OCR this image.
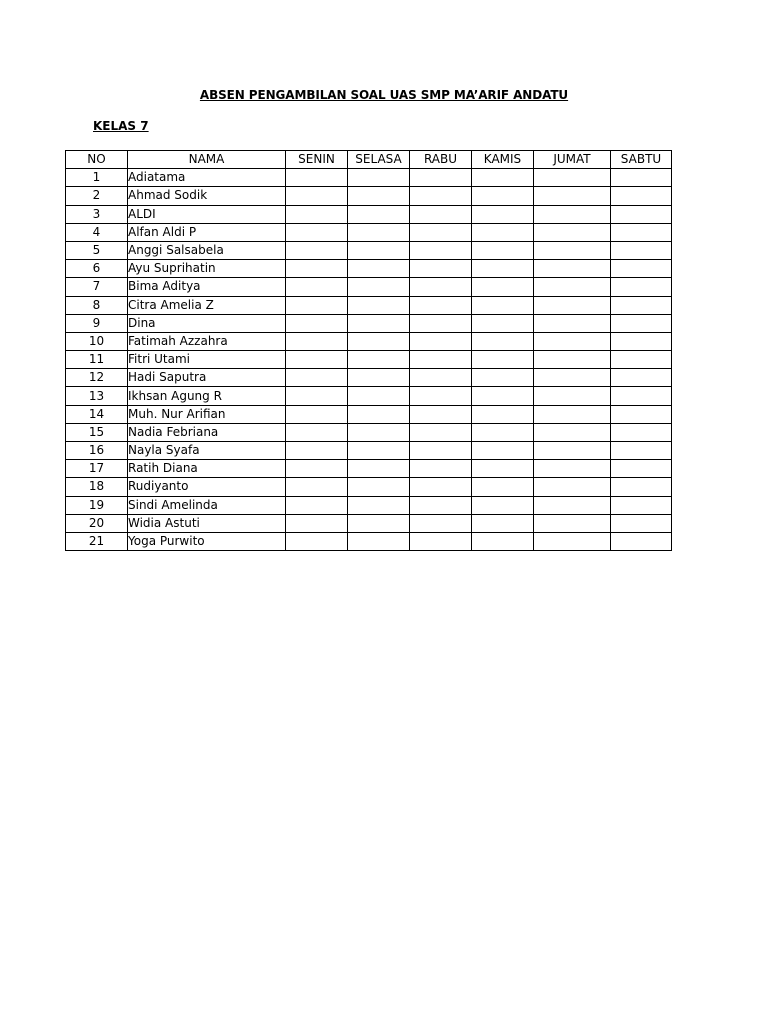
ABSEN PENGAMBILAN SOAL UAS SMP MA’ARIF ANDATU
KELAS 7
NO	NAMA	SENIN	SELASA	RABU	KAMIS	JUMAT	SABTU
1	Adiatama						
2	Ahmad Sodik						
3	ALDI						
4	Alfan Aldi P						
5	Anggi Salsabela						
6	Ayu Suprihatin						
7	Bima Aditya						
8	Citra Amelia Z						
9	Dina						
10	Fatimah Azzahra						
11	Fitri Utami						
12	Hadi Saputra						
13	Ikhsan Agung R						
14	Muh. Nur Arifian						
15	Nadia Febriana						
16	Nayla Syafa						
17	Ratih Diana						
18	Rudiyanto						
19	Sindi Amelinda						
20	Widia Astuti						
21	Yoga Purwito						
